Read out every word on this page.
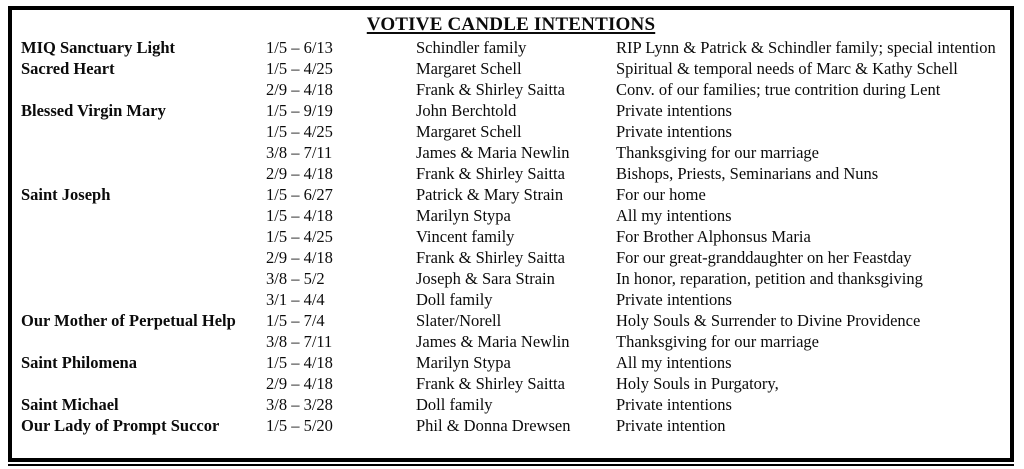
VOTIVE CANDLE INTENTIONS
MIQ Sanctuary Light	1/5 – 6/13	Schindler family	RIP Lynn & Patrick & Schindler family; special intention
Sacred Heart	1/5 – 4/25	Margaret Schell	Spiritual & temporal needs of Marc & Kathy Schell
2/9 – 4/18	Frank & Shirley Saitta	Conv. of our families; true contrition during Lent
Blessed Virgin Mary	1/5 – 9/19	John Berchtold	Private intentions
1/5 – 4/25	Margaret Schell	Private intentions
3/8 – 7/11	James & Maria Newlin	Thanksgiving for our marriage
2/9 – 4/18	Frank & Shirley Saitta	Bishops, Priests, Seminarians and Nuns
Saint Joseph	1/5 – 6/27	Patrick & Mary Strain	For our home
1/5 – 4/18	Marilyn Stypa	All my intentions
1/5 – 4/25	Vincent family	For Brother Alphonsus Maria
2/9 – 4/18	Frank & Shirley Saitta	For our great-granddaughter on her Feastday
3/8 – 5/2	Joseph & Sara Strain	In honor, reparation, petition and thanksgiving
3/1 – 4/4	Doll family	Private intentions
Our Mother of Perpetual Help	1/5 – 7/4	Slater/Norell	Holy Souls & Surrender to Divine Providence
3/8 – 7/11	James & Maria Newlin	Thanksgiving for our marriage
Saint Philomena	1/5 – 4/18	Marilyn Stypa	All my intentions
2/9 – 4/18	Frank & Shirley Saitta	Holy Souls in Purgatory,
Saint Michael	3/8 – 3/28	Doll family	Private intentions
Our Lady of Prompt Succor	1/5 – 5/20	Phil & Donna Drewsen	Private intention
